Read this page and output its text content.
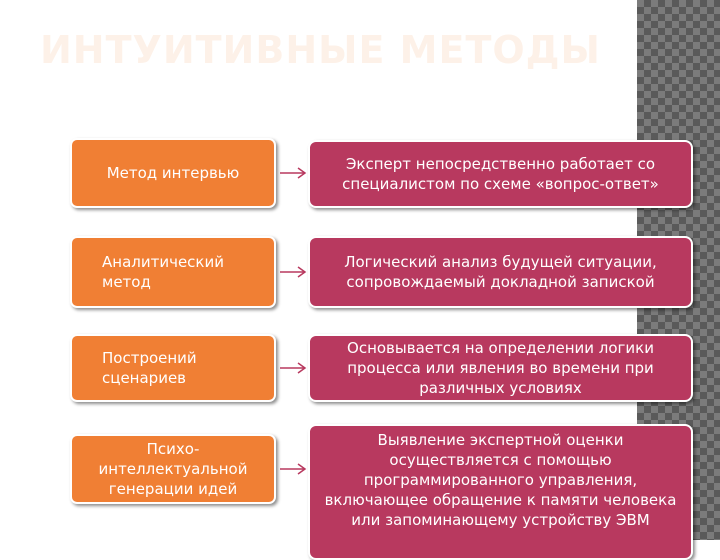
ИНТУИТИВНЫЕ МЕТОДЫ
Метод интервью	Эксперт непосредственно работает со специалистом по схеме «вопрос-ответ»
Аналитический метод
Логический анализ будущей ситуации, сопровождаемый докладной запиской
Построений сценариев
Основывается на определении логики процесса или явления во времени при различных условиях
Психо-интеллектуальной генерации идей
Выявление экспертной оценки осуществляется с помощью программированного управления, включающее обращение к памяти человека или запоминающему устройству ЭВМ
